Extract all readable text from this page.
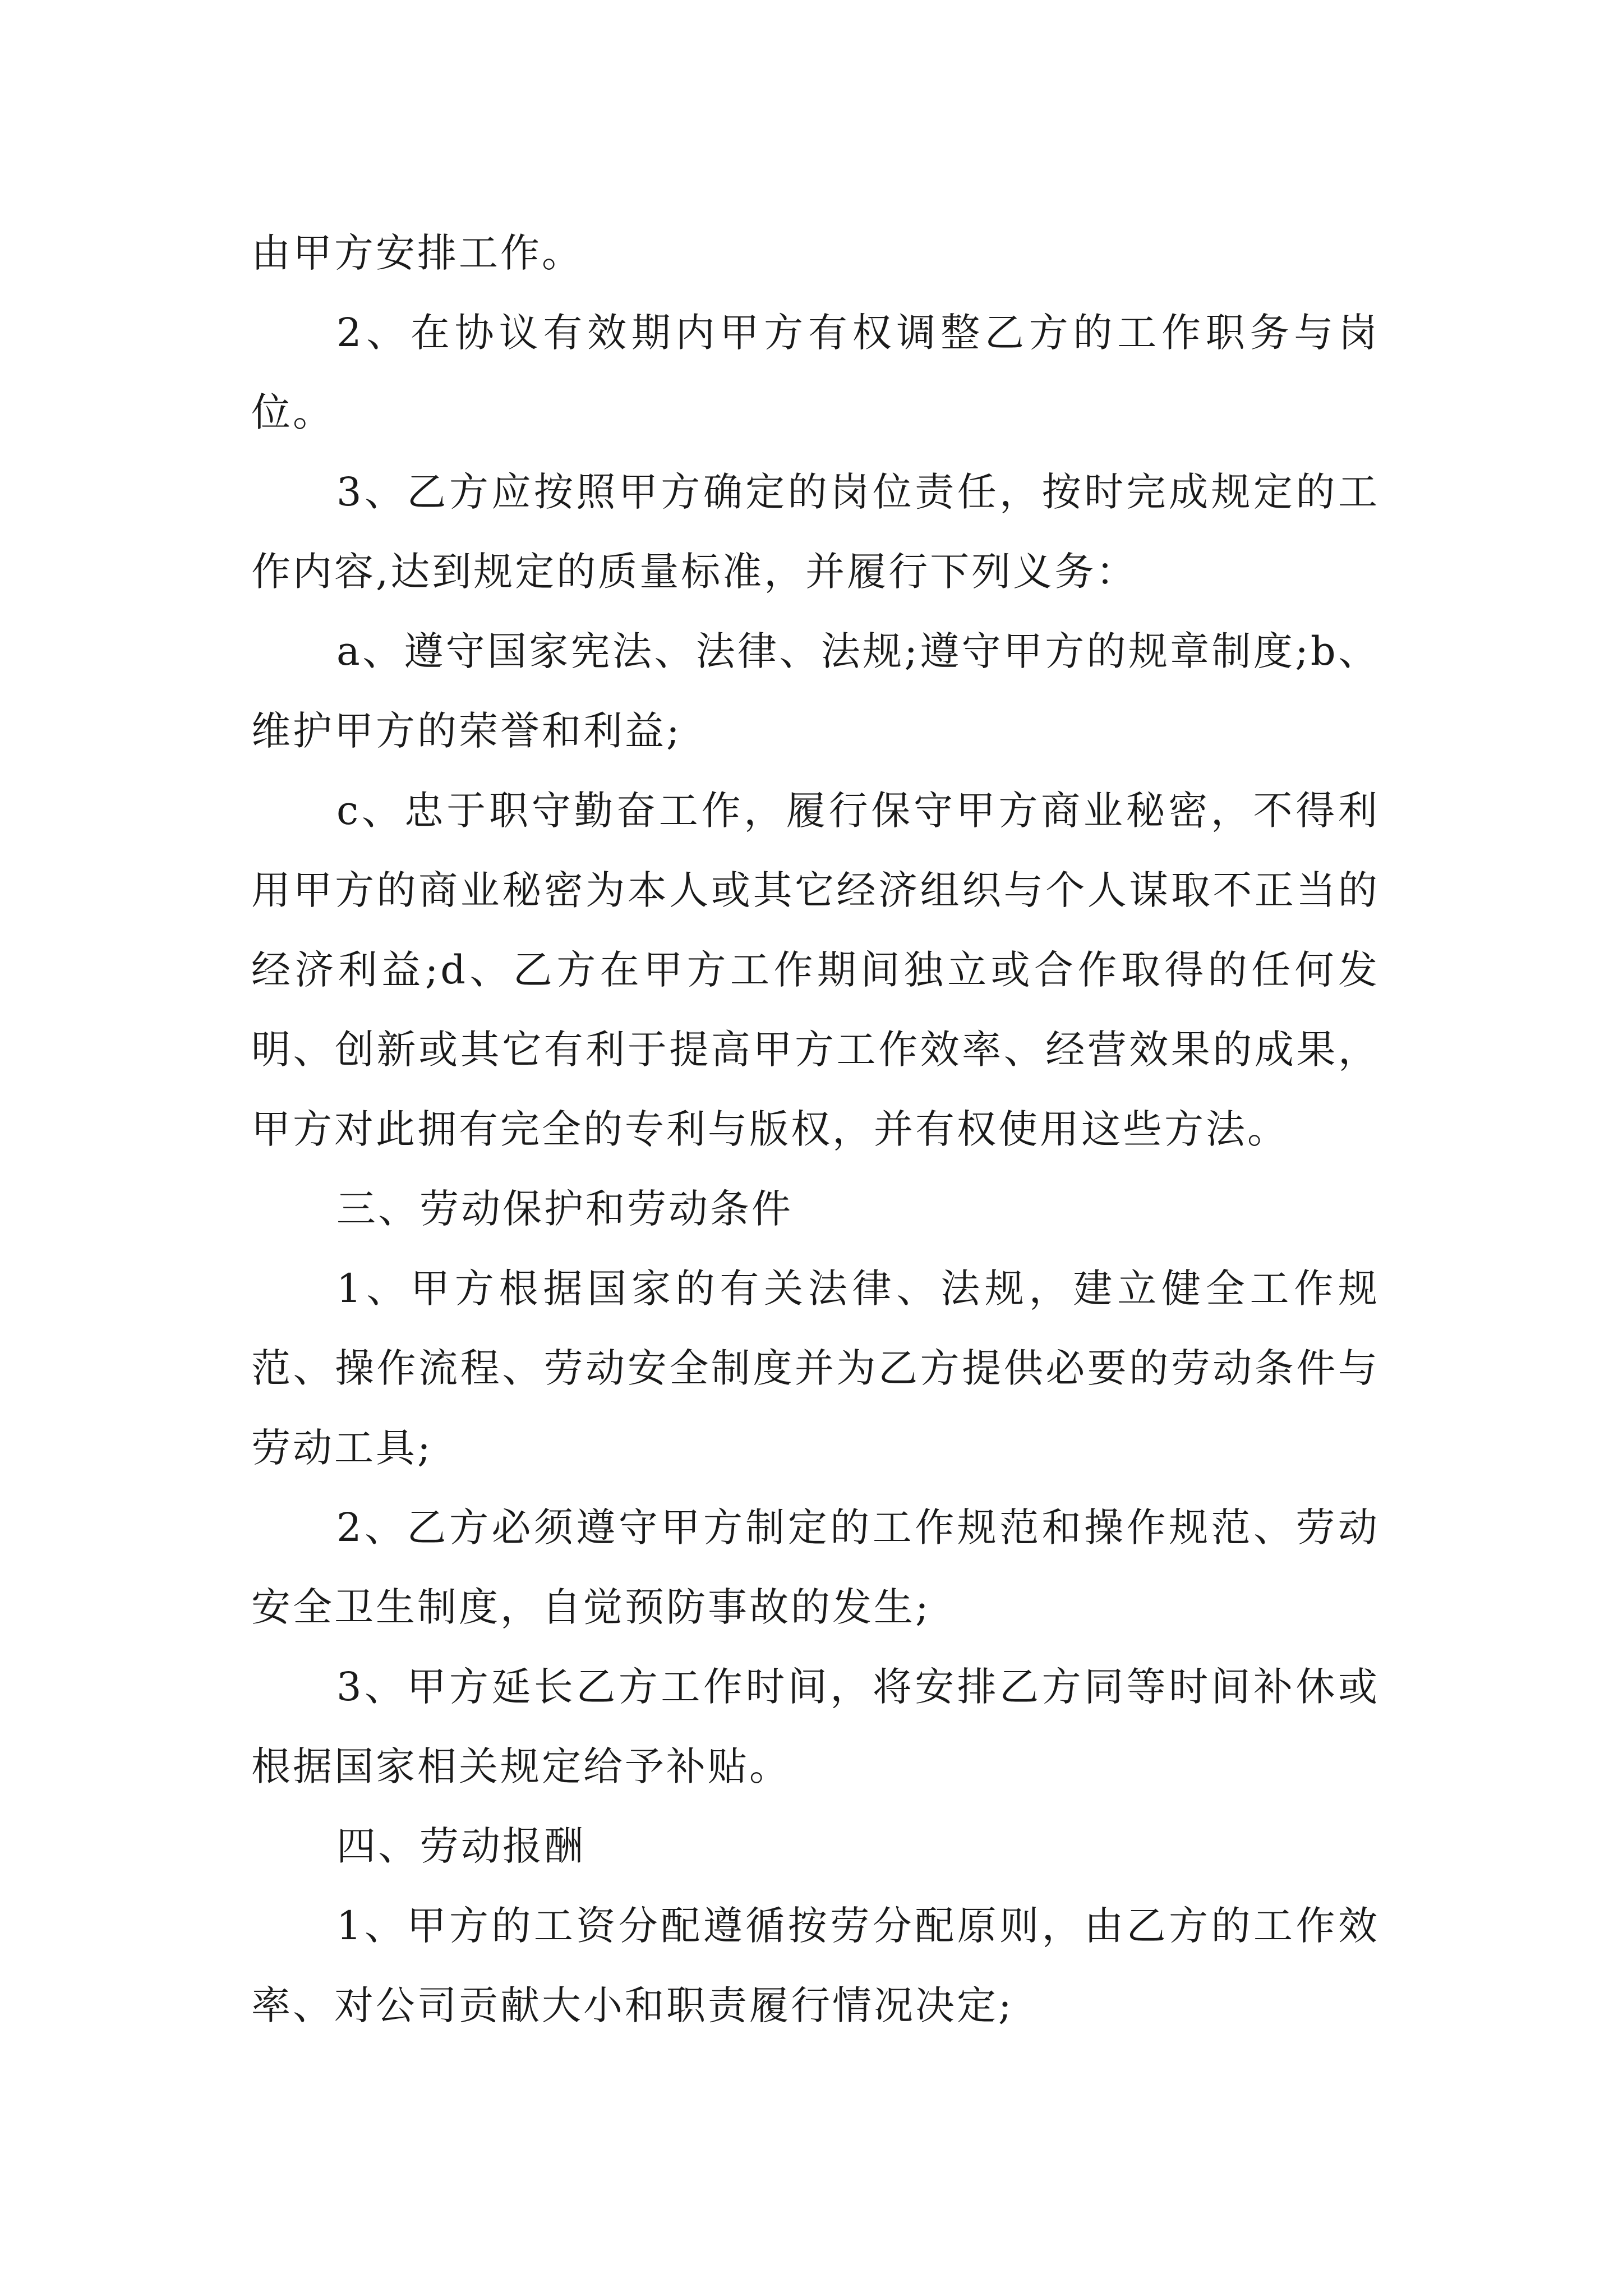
由甲方安排工作。

2、在协议有效期内甲方有权调整乙方的工作职务与岗位。

3、乙方应按照甲方确定的岗位责任，按时完成规定的工作内容,达到规定的质量标准，并履行下列义务：

a、遵守国家宪法、法律、法规;遵守甲方的规章制度;b、维护甲方的荣誉和利益;

c、忠于职守勤奋工作，履行保守甲方商业秘密，不得利用甲方的商业秘密为本人或其它经济组织与个人谋取不正当的经济利益;d、乙方在甲方工作期间独立或合作取得的任何发明、创新或其它有利于提高甲方工作效率、经营效果的成果，甲方对此拥有完全的专利与版权，并有权使用这些方法。

三、劳动保护和劳动条件

1、甲方根据国家的有关法律、法规，建立健全工作规范、操作流程、劳动安全制度并为乙方提供必要的劳动条件与劳动工具;

2、乙方必须遵守甲方制定的工作规范和操作规范、劳动安全卫生制度，自觉预防事故的发生;

3、甲方延长乙方工作时间，将安排乙方同等时间补休或根据国家相关规定给予补贴。

四、劳动报酬

1、甲方的工资分配遵循按劳分配原则，由乙方的工作效率、对公司贡献大小和职责履行情况决定;
